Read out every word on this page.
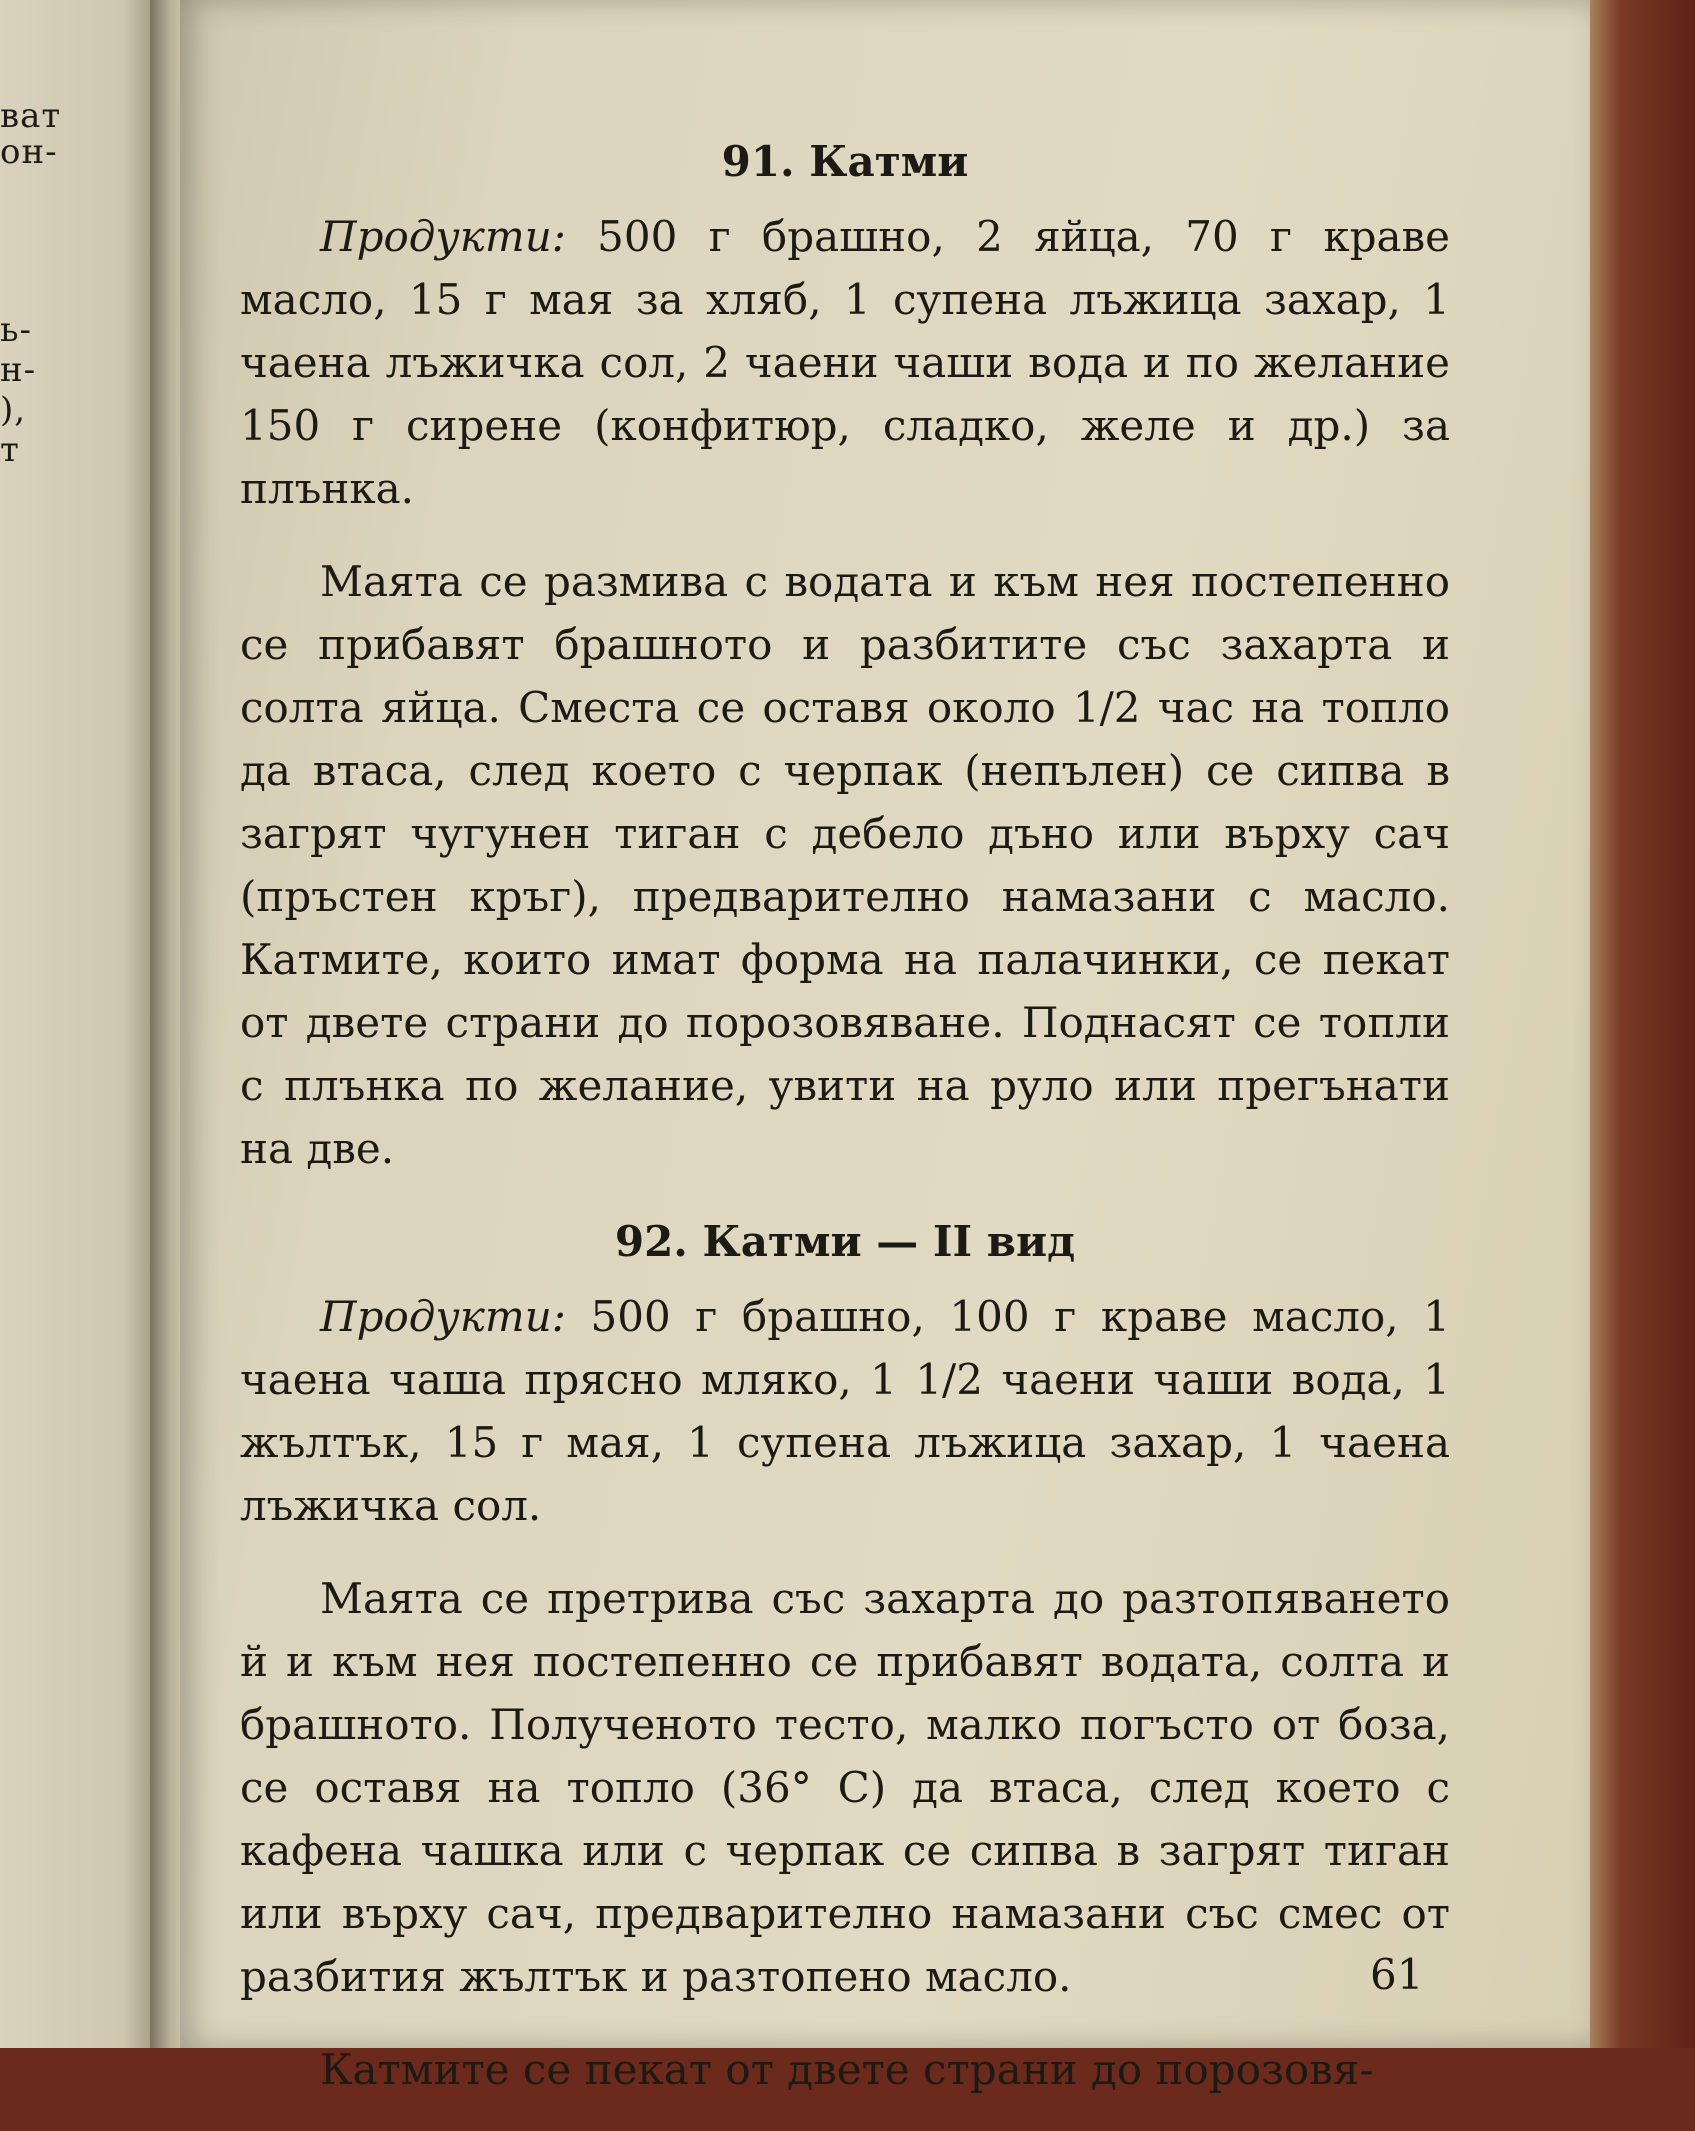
ват
он-
ь-
н-
),
т
91. Катми

Продукти: 500 г брашно, 2 яйца, 70 г краве масло, 15 г мая за хляб, 1 супена лъжица захар, 1 чаена лъжичка сол, 2 чаени чаши вода и по желание 150 г сирене (конфитюр, сладко, желе и др.) за плънка.

Маята се размива с водата и към нея постепенно се прибавят брашното и разбитите със захарта и солта яйца. Сместа се оставя около 1/2 час на топло да втаса, след което с черпак (непълен) се сипва в загрят чугунен тиган с дебело дъно или върху сач (пръстен кръг), предварително намазани с масло. Катмите, които имат форма на палачинки, се пекат от двете страни до порозовяване. Поднасят се топли с плънка по желание, увити на руло или прегънати на две.

92. Катми — II вид

Продукти: 500 г брашно, 100 г краве масло, 1 чаена чаша прясно мляко, 1 1/2 чаени чаши вода, 1 жълтък, 15 г мая, 1 супена лъжица захар, 1 чаена лъжичка сол.

Маята се претрива със захарта до разтопяването й и към нея постепенно се прибавят водата, солта и брашното. Полученото тесто, малко погъсто от боза, се оставя на топло (36° С) да втаса, след което с кафена чашка или с черпак се сипва в загрят тиган или върху сач, предварително намазани със смес от разбития жълтък и разтопено масло.

Катмите се пекат от двете страни до порозовя-

61
